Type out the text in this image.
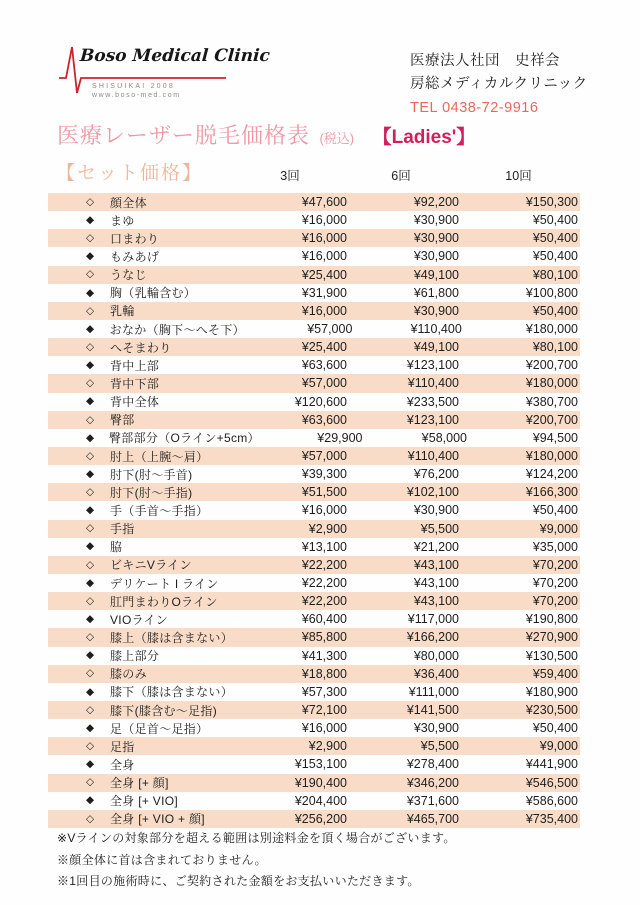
Boso Medical Clinic
SHISUIKAI 2008
www.boso-med.com
医療法人社団　史祥会
房総メディカルクリニック
TEL 0438-72-9916
医療レーザー脱毛価格表 (税込) 【Ladies'】
【セット価格】	3回	6回	10回
◇	顔全体	¥47,600	¥92,200	¥150,300
◆	まゆ	¥16,000	¥30,900	¥50,400
◇	口まわり	¥16,000	¥30,900	¥50,400
◆	もみあげ	¥16,000	¥30,900	¥50,400
◇	うなじ	¥25,400	¥49,100	¥80,100
◆	胸（乳輪含む）	¥31,900	¥61,800	¥100,800
◇	乳輪	¥16,000	¥30,900	¥50,400
◆	おなか（胸下～へそ下）	¥57,000	¥110,400	¥180,000
◇	へそまわり	¥25,400	¥49,100	¥80,100
◆	背中上部	¥63,600	¥123,100	¥200,700
◇	背中下部	¥57,000	¥110,400	¥180,000
◆	背中全体	¥120,600	¥233,500	¥380,700
◇	臀部	¥63,600	¥123,100	¥200,700
◆	臀部部分（Oライン+5cm）	¥29,900	¥58,000	¥94,500
◇	肘上（上腕～肩）	¥57,000	¥110,400	¥180,000
◆	肘下(肘～手首)	¥39,300	¥76,200	¥124,200
◇	肘下(肘～手指)	¥51,500	¥102,100	¥166,300
◆	手（手首～手指）	¥16,000	¥30,900	¥50,400
◇	手指	¥2,900	¥5,500	¥9,000
◆	脇	¥13,100	¥21,200	¥35,000
◇	ビキニVライン	¥22,200	¥43,100	¥70,200
◆	デリケート I ライン	¥22,200	¥43,100	¥70,200
◇	肛門まわりOライン	¥22,200	¥43,100	¥70,200
◆	VIOライン	¥60,400	¥117,000	¥190,800
◇	膝上（膝は含まない）	¥85,800	¥166,200	¥270,900
◆	膝上部分	¥41,300	¥80,000	¥130,500
◇	膝のみ	¥18,800	¥36,400	¥59,400
◆	膝下（膝は含まない）	¥57,300	¥111,000	¥180,900
◇	膝下(膝含む～足指)	¥72,100	¥141,500	¥230,500
◆	足（足首～足指）	¥16,000	¥30,900	¥50,400
◇	足指	¥2,900	¥5,500	¥9,000
◆	全身	¥153,100	¥278,400	¥441,900
◇	全身 [+ 顔]	¥190,400	¥346,200	¥546,500
◆	全身 [+ VIO]	¥204,400	¥371,600	¥586,600
◇	全身 [+ VIO + 顔]	¥256,200	¥465,700	¥735,400
※Vラインの対象部分を超える範囲は別途料金を頂く場合がございます。
※顔全体に首は含まれておりません。
※1回目の施術時に、ご契約された金額をお支払いいただきます。
